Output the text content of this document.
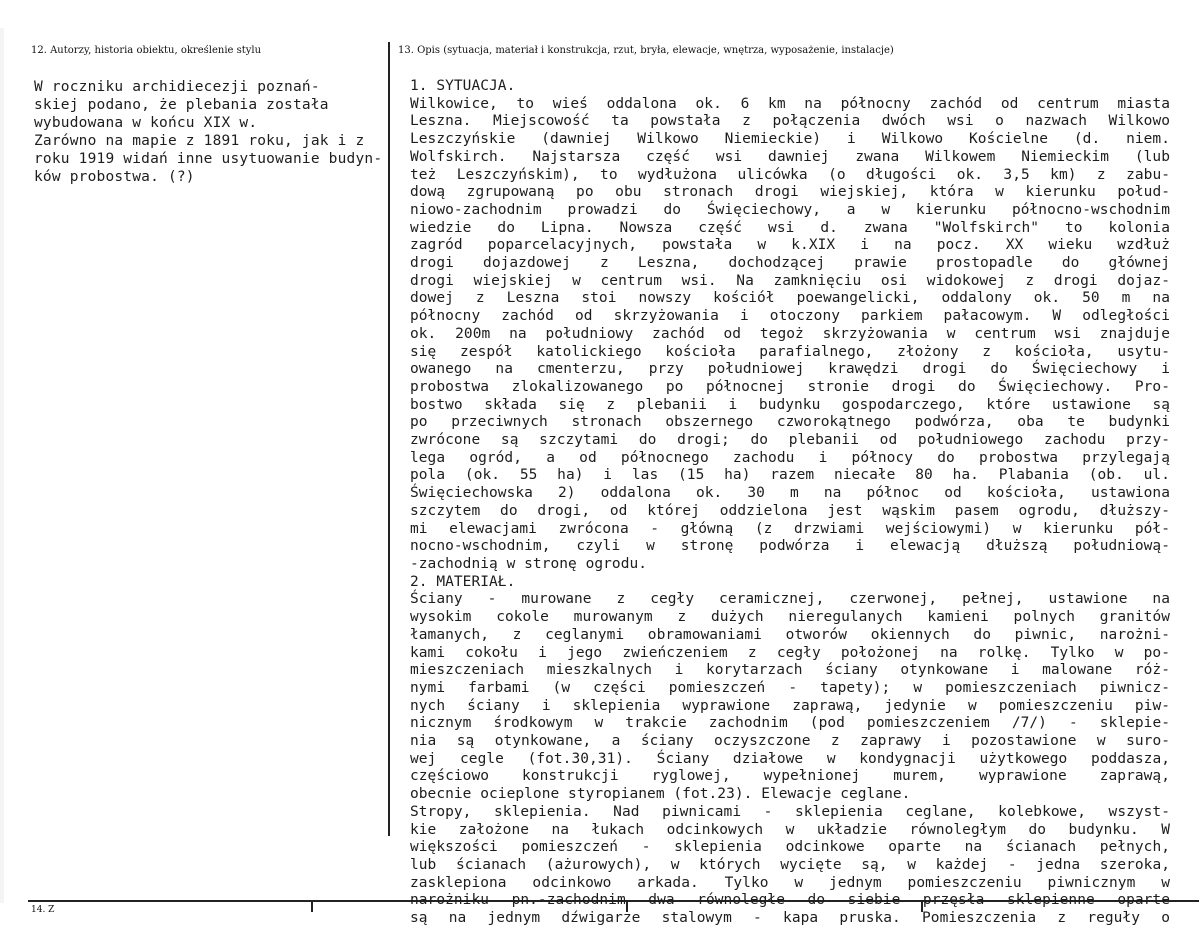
12. Autorzy, historia obiektu, określenie stylu	13. Opis (sytuacja, materiał i konstrukcja, rzut, bryła, elewacje, wnętrza, wyposażenie, instalacje)
W roczniku archidiecezji poznań-
skiej podano, że plebania została
wybudowana w końcu XIX w.
Zarówno na mapie z 1891 roku, jak i z
roku 1919 widań inne usytuowanie budyn-
ków probostwa. (?)
1. SYTUACJA.
Wilkowice, to wieś oddalona ok. 6 km na północny zachód od centrum miasta
Leszna. Miejscowość ta powstała z połączenia dwóch wsi o nazwach Wilkowo
Leszczyńskie (dawniej Wilkowo Niemieckie) i Wilkowo Kościelne (d. niem.
Wolfskirch. Najstarsza część wsi dawniej zwana Wilkowem Niemieckim (lub
też Leszczyńskim), to wydłużona ulicówka (o długości ok. 3,5 km) z zabu-
dową zgrupowaną po obu stronach drogi wiejskiej, która w kierunku połud-
niowo-zachodnim prowadzi do Święciechowy, a w kierunku północno-wschodnim
wiedzie do Lipna. Nowsza część wsi d. zwana "Wolfskirch" to kolonia
zagród poparcelacyjnych, powstała w k.XIX i na pocz. XX wieku wzdłuż
drogi dojazdowej z Leszna, dochodzącej prawie prostopadle do głównej
drogi wiejskiej w centrum wsi. Na zamknięciu osi widokowej z drogi dojaz-
dowej z Leszna stoi nowszy kościół poewangelicki, oddalony ok. 50 m na
północny zachód od skrzyżowania i otoczony parkiem pałacowym. W odległości
ok. 200m na południowy zachód od tegoż skrzyżowania w centrum wsi znajduje
się zespół katolickiego kościoła parafialnego, złożony z kościoła, usytu-
owanego na cmenterzu, przy południowej krawędzi drogi do Święciechowy i
probostwa zlokalizowanego po północnej stronie drogi do Święciechowy. Pro-
bostwo składa się z plebanii i budynku gospodarczego, które ustawione są
po przeciwnych stronach obszernego czworokątnego podwórza, oba te budynki
zwrócone są szczytami do drogi; do plebanii od południowego zachodu przy-
lega ogród, a od północnego zachodu i północy do probostwa przylegają
pola (ok. 55 ha) i las (15 ha) razem niecałe 80 ha. Plabania (ob. ul.
Święciechowska 2) oddalona ok. 30 m na północ od kościoła, ustawiona
szczytem do drogi, od której oddzielona jest wąskim pasem ogrodu, dłuższy-
mi elewacjami zwrócona - główną (z drzwiami wejściowymi) w kierunku pół-
nocno-wschodnim, czyli w stronę podwórza i elewacją dłuższą południową-
-zachodnią w stronę ogrodu.
2. MATERIAŁ.
Ściany - murowane z cegły ceramicznej, czerwonej, pełnej, ustawione na
wysokim cokole murowanym z dużych nieregulanych kamieni polnych granitów
łamanych, z ceglanymi obramowaniami otworów okiennych do piwnic, narożni-
kami cokołu i jego zwieńczeniem z cegły położonej na rolkę. Tylko w po-
mieszczeniach mieszkalnych i korytarzach ściany otynkowane i malowane róż-
nymi farbami (w części pomieszczeń - tapety); w pomieszczeniach piwnicz-
nych ściany i sklepienia wyprawione zaprawą, jedynie w pomieszczeniu piw-
nicznym środkowym w trakcie zachodnim (pod pomieszczeniem /7/) - sklepie-
nia są otynkowane, a ściany oczyszczone z zaprawy i pozostawione w suro-
wej cegle (fot.30,31). Ściany działowe w kondygnacji użytkowego poddasza,
częściowo konstrukcji ryglowej, wypełnionej murem, wyprawione zaprawą,
obecnie ocieplone styropianem (fot.23). Elewacje ceglane.
Stropy, sklepienia. Nad piwnicami - sklepienia ceglane, kolebkowe, wszyst-
kie założone na łukach odcinkowych w układzie równoległym do budynku. W
większości pomieszczeń - sklepienia odcinkowe oparte na ścianach pełnych,
lub ścianach (ażurowych), w których wycięte są, w każdej - jedna szeroka,
zasklepiona odcinkowo arkada. Tylko w jednym pomieszczeniu piwnicznym w
narożniku pn.-zachodnim dwa równoległe do siebie przęsła sklepienne oparte
są na jednym dźwigarze stalowym - kapa pruska. Pomieszczenia z reguły o
14. Z
